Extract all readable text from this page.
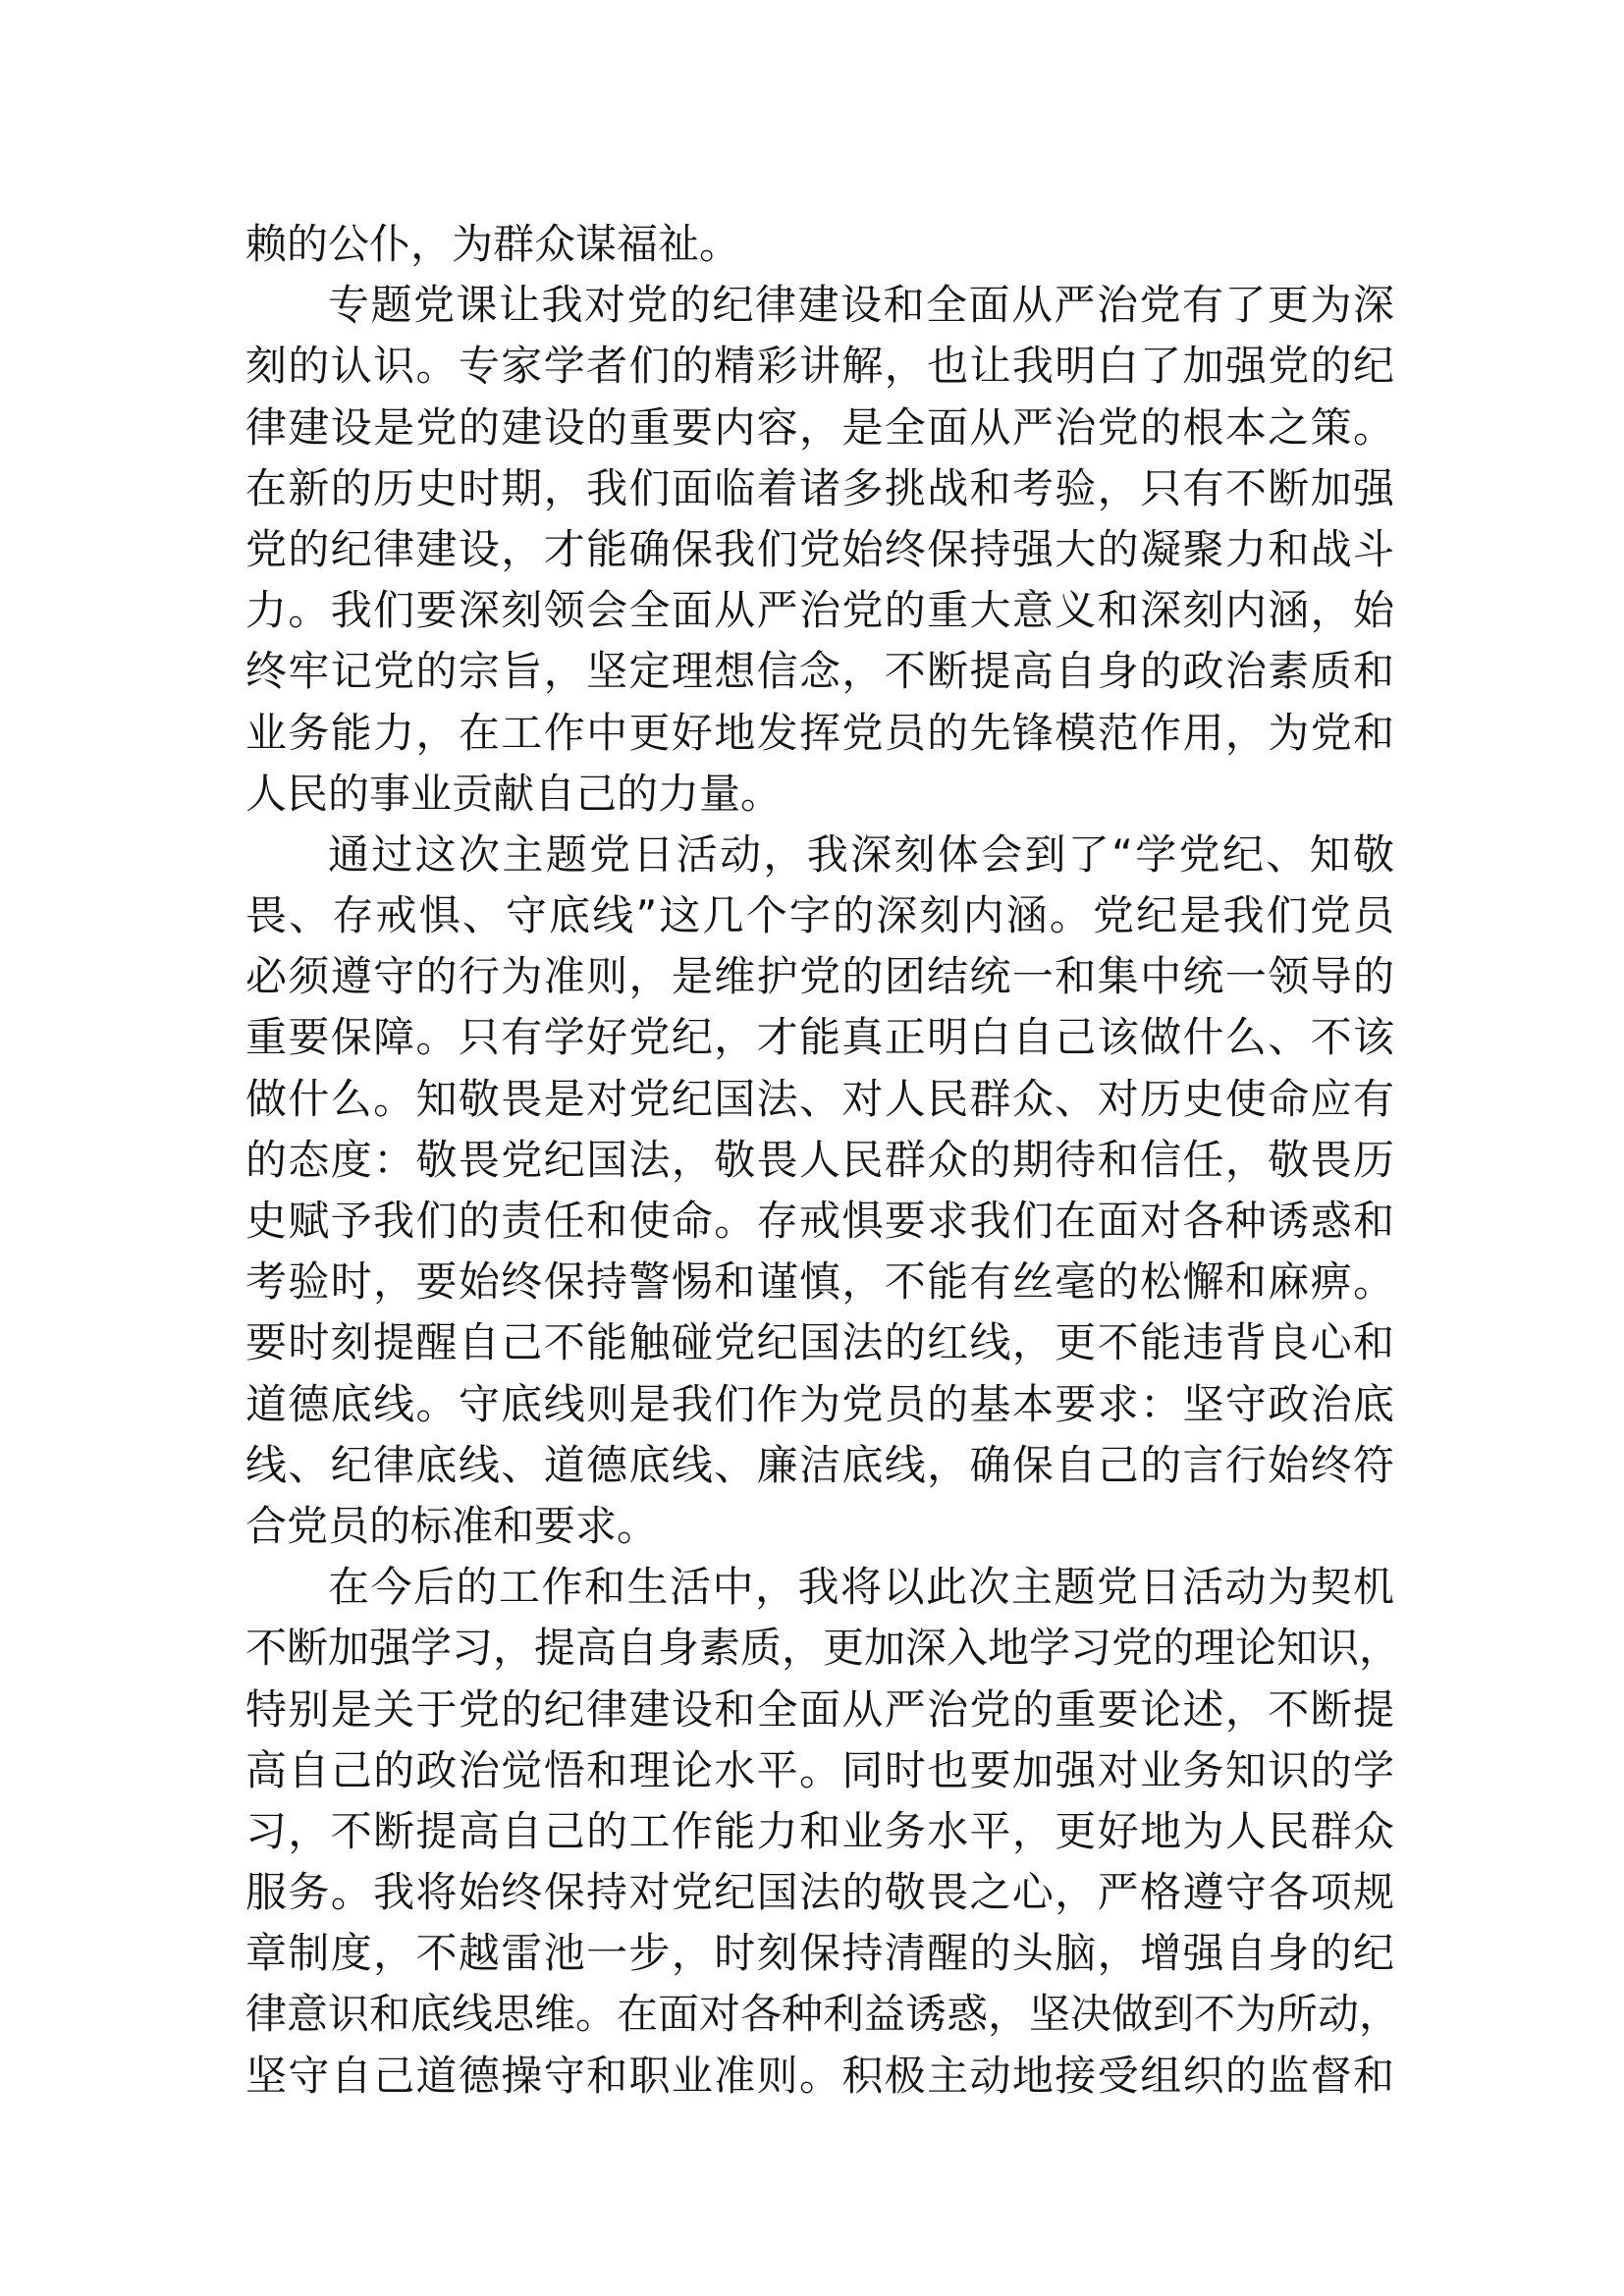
赖的公仆，为群众谋福祉。
专题党课让我对党的纪律建设和全面从严治党有了更为深
刻的认识。专家学者们的精彩讲解，也让我明白了加强党的纪
律建设是党的建设的重要内容，是全面从严治党的根本之策。
在新的历史时期，我们面临着诸多挑战和考验，只有不断加强
党的纪律建设，才能确保我们党始终保持强大的凝聚力和战斗
力。我们要深刻领会全面从严治党的重大意义和深刻内涵，始
终牢记党的宗旨，坚定理想信念，不断提高自身的政治素质和
业务能力，在工作中更好地发挥党员的先锋模范作用，为党和
人民的事业贡献自己的力量。
通过这次主题党日活动，我深刻体会到了“学党纪、知敬
畏、存戒惧、守底线”这几个字的深刻内涵。党纪是我们党员
必须遵守的行为准则，是维护党的团结统一和集中统一领导的
重要保障。只有学好党纪，才能真正明白自己该做什么、不该
做什么。知敬畏是对党纪国法、对人民群众、对历史使命应有
的态度：敬畏党纪国法，敬畏人民群众的期待和信任，敬畏历
史赋予我们的责任和使命。存戒惧要求我们在面对各种诱惑和
考验时，要始终保持警惕和谨慎，不能有丝毫的松懈和麻痹。
要时刻提醒自己不能触碰党纪国法的红线，更不能违背良心和
道德底线。守底线则是我们作为党员的基本要求：坚守政治底
线、纪律底线、道德底线、廉洁底线，确保自己的言行始终符
合党员的标准和要求。
在今后的工作和生活中，我将以此次主题党日活动为契机
不断加强学习，提高自身素质，更加深入地学习党的理论知识，
特别是关于党的纪律建设和全面从严治党的重要论述，不断提
高自己的政治觉悟和理论水平。同时也要加强对业务知识的学
习，不断提高自己的工作能力和业务水平，更好地为人民群众
服务。我将始终保持对党纪国法的敬畏之心，严格遵守各项规
章制度，不越雷池一步，时刻保持清醒的头脑，增强自身的纪
律意识和底线思维。在面对各种利益诱惑，坚决做到不为所动，
坚守自己道德操守和职业准则。积极主动地接受组织的监督和
